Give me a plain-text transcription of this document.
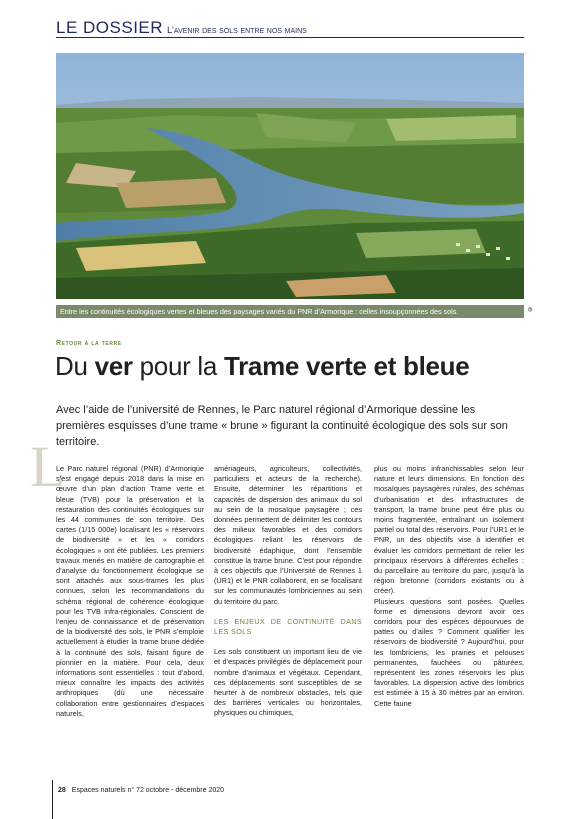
LE DOSSIER L’avenir des sols entre nos mains
Entre les continuités écologiques vertes et bleues des paysages variés du PNR d’Armorique : celles insoupçonnées des sols.	©
Retour à la terre
Du ver pour la Trame verte et bleue
Avec l’aide de l’université de Rennes, le Parc naturel régional d’Armorique dessine les premières esquisses d’une trame « brune » figurant la continuité écologique des sols sur son territoire.
L

Le Parc naturel régional (PNR) d’Armorique s’est engagé depuis 2018 dans la mise en œuvre d’un plan d’action Trame verte et bleue (TVB) pour la préservation et la restauration des continuités écologiques sur les 44 communes de son territoire. Des cartes (1/15 000e) localisant les « réservoirs de biodiversité » et les « corridors écologiques » ont été publiées. Les premiers travaux menés en matière de cartographie et d’analyse du fonctionnement écologique se sont attachés aux sous-trames les plus connues, selon les recommandations du schéma régional de cohérence écologique pour les TVB infra-régionales. Conscient de l’enjeu de connaissance et de préservation de la biodiversité des sols, le PNR s’emploie actuellement à étudier la trame brune dédiée à la continuité des sols, faisant figure de pionnier en la matière. Pour cela, deux informations sont essentielles : tout d’abord, mieux connaître les impacts des activités anthropiques (dû une nécessaire collaboration entre gestionnaires d’espaces naturels,

aménageurs, agriculteurs, collectivités, particuliers et acteurs de la recherche). Ensuite, déterminer les répartitions et capacités de dispersion des animaux du sol au sein de la mosaïque paysagère ; ces données permettent de délimiter les contours des milieux favorables et des corridors écologiques reliant les réservoirs de biodiversité édaphique, dont l’ensemble constitue la trame brune. C’est pour répondre à ces objectifs que l’Université de Rennes 1 (UR1) et le PNR collaborent, en se focalisant sur les communautés lombriciennes au sein du territoire du parc.

LES ENJEUX DE CONTINUITÉ DANS LES SOLS

Les sols constituent un important lieu de vie et d’espaces privilégiés de déplacement pour nombre d’animaux et végétaux. Cependant, ces déplacements sont susceptibles de se heurter à de nombreux obstacles, tels que des barrières verticales ou horizontales, physiques ou chimiques,

plus ou moins infranchissables selon leur nature et leurs dimensions. En fonction des mosaïques paysagères rurales, des schémas d’urbanisation et des infrastructures de transport, la trame brune peut être plus ou moins fragmentée, entraînant un isolement partiel ou total des réservoirs. Pour l’UR1 et le PNR, un des objectifs vise à identifier et évaluer les corridors permettant de relier les principaux réservoirs à différentes échelles : du parcellaire au territoire du parc, jusqu’à la région bretonne (corridors existants ou à créer).

Plusieurs questions sont posées. Quelles forme et dimensions devront avoir ces corridors pour des espèces dépourvues de pattes ou d’ailes ? Comment qualifier les réservoirs de biodiversité ? Aujourd’hui, pour les lombriciens, les prairies et pelouses permanentes, fauchées ou pâturées, représentent les zones réservoirs les plus favorables. La dispersion active des lombrics est estimée à 15 à 30 mètres par an environ. Cette faune

28 Espaces naturels n° 72 octobre - décembre 2020
